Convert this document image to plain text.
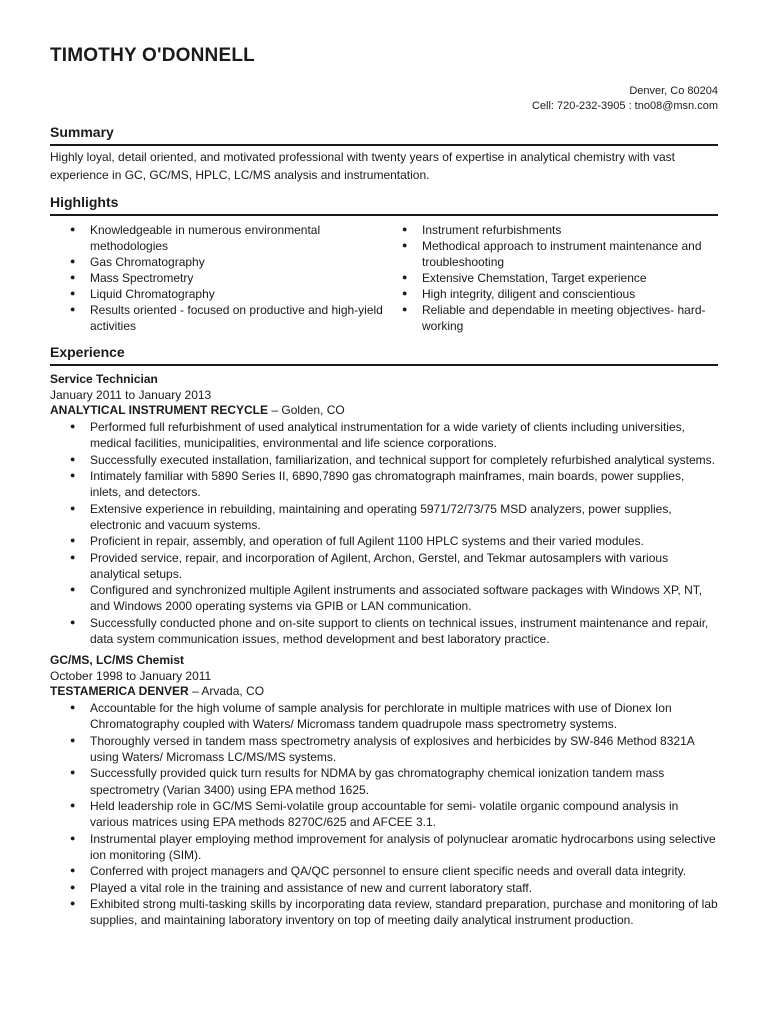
TIMOTHY O'DONNELL
Denver, Co 80204
Cell: 720-232-3905 : tno08@msn.com
Summary
Highly loyal, detail oriented, and motivated professional with twenty years of expertise in analytical chemistry with vast experience in GC, GC/MS, HPLC, LC/MS analysis and instrumentation.
Highlights
● Knowledgeable in numerous environmental methodologies
● Gas Chromatography
● Mass Spectrometry
● Liquid Chromatography
● Results oriented - focused on productive and high-yield activities
● Instrument refurbishments
● Methodical approach to instrument maintenance and troubleshooting
● Extensive Chemstation, Target experience
● High integrity, diligent and conscientious
● Reliable and dependable in meeting objectives- hard-working
Experience
Service Technician
January 2011 to January 2013
ANALYTICAL INSTRUMENT RECYCLE – Golden, CO
● Performed full refurbishment of used analytical instrumentation for a wide variety of clients including universities, medical facilities, municipalities, environmental and life science corporations.
● Successfully executed installation, familiarization, and technical support for completely refurbished analytical systems.
● Intimately familiar with 5890 Series II, 6890,7890 gas chromatograph mainframes, main boards, power supplies, inlets, and detectors.
● Extensive experience in rebuilding, maintaining and operating 5971/72/73/75 MSD analyzers, power supplies, electronic and vacuum systems.
● Proficient in repair, assembly, and operation of full Agilent 1100 HPLC systems and their varied modules.
● Provided service, repair, and incorporation of Agilent, Archon, Gerstel, and Tekmar autosamplers with various analytical setups.
● Configured and synchronized multiple Agilent instruments and associated software packages with Windows XP, NT, and Windows 2000 operating systems via GPIB or LAN communication.
● Successfully conducted phone and on-site support to clients on technical issues, instrument maintenance and repair, data system communication issues, method development and best laboratory practice.
GC/MS, LC/MS Chemist
October 1998 to January 2011
TESTAMERICA DENVER – Arvada, CO
● Accountable for the high volume of sample analysis for perchlorate in multiple matrices with use of Dionex Ion Chromatography coupled with Waters/ Micromass tandem quadrupole mass spectrometry systems.
● Thoroughly versed in tandem mass spectrometry analysis of explosives and herbicides by SW-846 Method 8321A using Waters/ Micromass LC/MS/MS systems.
● Successfully provided quick turn results for NDMA by gas chromatography chemical ionization tandem mass spectrometry (Varian 3400) using EPA method 1625.
● Held leadership role in GC/MS Semi-volatile group accountable for semi- volatile organic compound analysis in various matrices using EPA methods 8270C/625 and AFCEE 3.1.
● Instrumental player employing method improvement for analysis of polynuclear aromatic hydrocarbons using selective ion monitoring (SIM).
● Conferred with project managers and QA/QC personnel to ensure client specific needs and overall data integrity.
● Played a vital role in the training and assistance of new and current laboratory staff.
● Exhibited strong multi-tasking skills by incorporating data review, standard preparation, purchase and monitoring of lab supplies, and maintaining laboratory inventory on top of meeting daily analytical instrument production.
